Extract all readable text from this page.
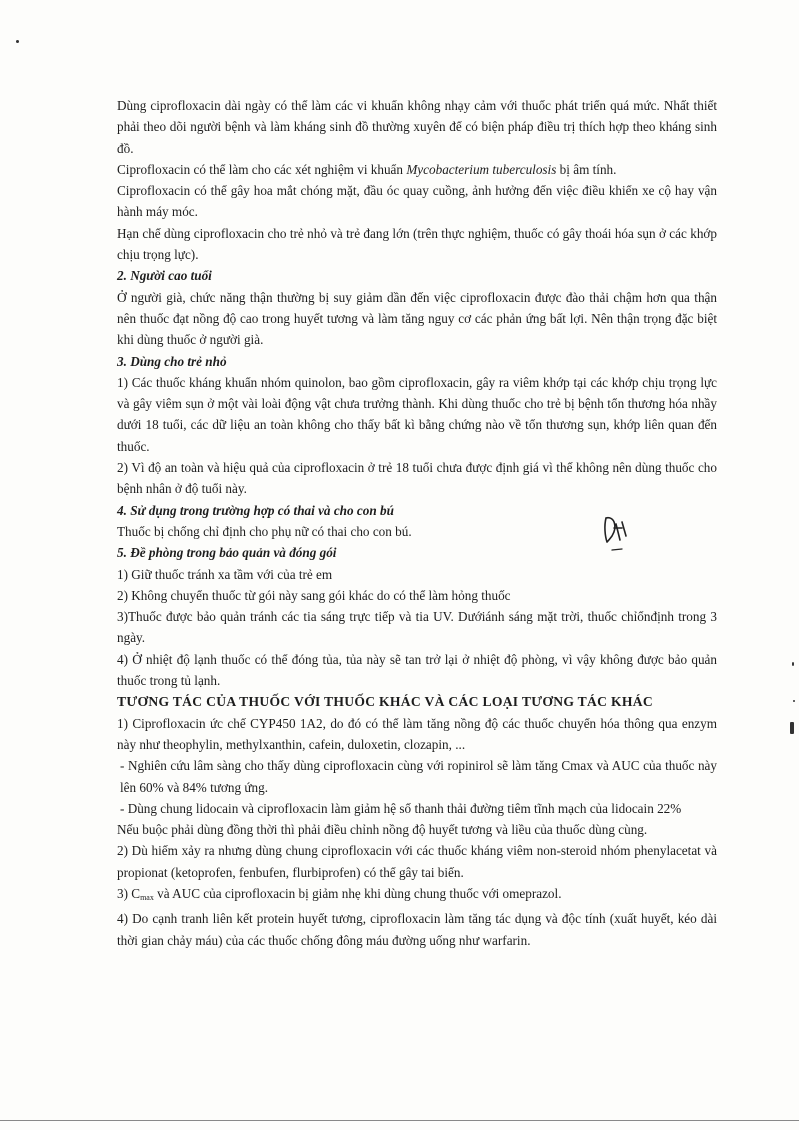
Dùng ciprofloxacin dài ngày có thể làm các vi khuẩn không nhạy cảm với thuốc phát triển quá mức. Nhất thiết phải theo dõi người bệnh và làm kháng sinh đồ thường xuyên để có biện pháp điều trị thích hợp theo kháng sinh đồ.

Ciprofloxacin có thể làm cho các xét nghiệm vi khuẩn Mycobacterium tuberculosis bị âm tính.

Ciprofloxacin có thể gây hoa mắt chóng mặt, đầu óc quay cuồng, ảnh hưởng đến việc điều khiển xe cộ hay vận hành máy móc.

Hạn chế dùng ciprofloxacin cho trẻ nhỏ và trẻ đang lớn (trên thực nghiệm, thuốc có gây thoái hóa sụn ở các khớp chịu trọng lực).

2. Người cao tuổi

Ở người già, chức năng thận thường bị suy giảm dần đến việc ciprofloxacin được đào thải chậm hơn qua thận nên thuốc đạt nồng độ cao trong huyết tương và làm tăng nguy cơ các phản ứng bất lợi. Nên thận trọng đặc biệt khi dùng thuốc ở người già.

3. Dùng cho trẻ nhỏ

1) Các thuốc kháng khuẩn nhóm quinolon, bao gồm ciprofloxacin, gây ra viêm khớp tại các khớp chịu trọng lực và gây viêm sụn ở một vài loài động vật chưa trưởng thành. Khi dùng thuốc cho trẻ bị bệnh tổn thương hóa nhầy dưới 18 tuổi, các dữ liệu an toàn không cho thấy bất kì bằng chứng nào về tổn thương sụn, khớp liên quan đến thuốc.

2) Vì độ an toàn và hiệu quả của ciprofloxacin ở trẻ 18 tuổi chưa được định giá vì thế không nên dùng thuốc cho bệnh nhân ở độ tuổi này.

4. Sử dụng trong trường hợp có thai và cho con bú

Thuốc bị chống chỉ định cho phụ nữ có thai cho con bú.

5. Đề phòng trong bảo quản và đóng gói

1) Giữ thuốc tránh xa tầm với của trẻ em

2) Không chuyển thuốc từ gói này sang gói khác do có thể làm hỏng thuốc

3)Thuốc được bảo quản tránh các tia sáng trực tiếp và tia UV. Dướiánh sáng mặt trời, thuốc chỉổnđịnh trong 3 ngày.

4) Ở nhiệt độ lạnh thuốc có thể đóng tủa, tủa này sẽ tan trở lại ở nhiệt độ phòng, vì vậy không được bảo quản thuốc trong tủ lạnh.

TƯƠNG TÁC CỦA THUỐC VỚI THUỐC KHÁC VÀ CÁC LOẠI TƯƠNG TÁC KHÁC

1) Ciprofloxacin ức chế CYP450 1A2, do đó có thể làm tăng nồng độ các thuốc chuyển hóa thông qua enzym này như theophylin, methylxanthin, cafein, duloxetin, clozapin, ...

- Nghiên cứu lâm sàng cho thấy dùng ciprofloxacin cùng với ropinirol sẽ làm tăng Cmax và AUC của thuốc này lên 60% và 84% tương ứng.

- Dùng chung lidocain và ciprofloxacin làm giảm hệ số thanh thải đường tiêm tĩnh mạch của lidocain 22%

Nếu buộc phải dùng đồng thời thì phải điều chỉnh nồng độ huyết tương và liều của thuốc dùng cùng.

2) Dù hiếm xảy ra nhưng dùng chung ciprofloxacin với các thuốc kháng viêm non-steroid nhóm phenylacetat và propionat (ketoprofen, fenbufen, flurbiprofen) có thể gây tai biến.

3) $C_{max}$ và AUC của ciprofloxacin bị giảm nhẹ khi dùng chung thuốc với omeprazol.

4) Do cạnh tranh liên kết protein huyết tương, ciprofloxacin làm tăng tác dụng và độc tính (xuất huyết, kéo dài thời gian chảy máu) của các thuốc chống đông máu đường uống như warfarin.
